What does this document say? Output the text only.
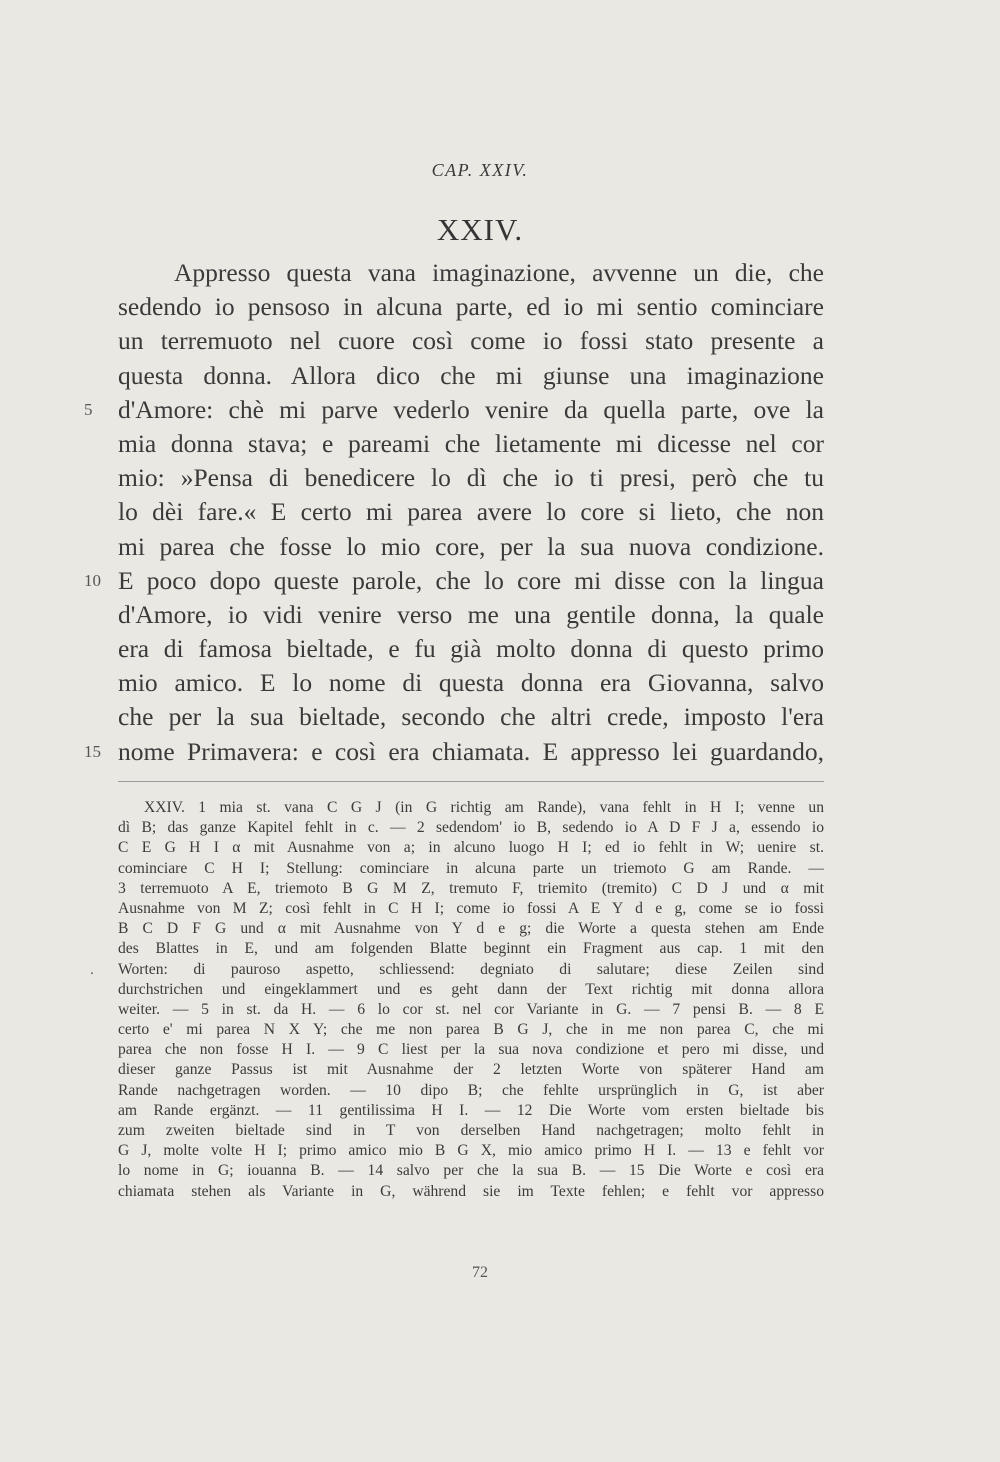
CAP. XXIV.
XXIV.
Appresso questa vana imaginazione, avvenne un die, che
sedendo io pensoso in alcuna parte, ed io mi sentio cominciare
un terremuoto nel cuore così come io fossi stato presente a
questa donna. Allora dico che mi giunse una imaginazione
5 d'Amore: chè mi parve vederlo venire da quella parte, ove la
mia donna stava; e pareami che lietamente mi dicesse nel cor
mio: »Pensa di benedicere lo dì che io ti presi, però che tu
lo dèi fare.« E certo mi parea avere lo core si lieto, che non
mi parea che fosse lo mio core, per la sua nuova condizione.
10 E poco dopo queste parole, che lo core mi disse con la lingua
d'Amore, io vidi venire verso me una gentile donna, la quale
era di famosa bieltade, e fu già molto donna di questo primo
mio amico. E lo nome di questa donna era Giovanna, salvo
che per la sua bieltade, secondo che altri crede, imposto l'era
15 nome Primavera: e così era chiamata. E appresso lei guardando,
XXIV. 1 mia st. vana C G J (in G richtig am Rande), vana fehlt in H I; venne un
dì B; das ganze Kapitel fehlt in c. — 2 sedendom' io B, sedendo io A D F J a, essendo io
C E G H I α mit Ausnahme von a; in alcuno luogo H I; ed io fehlt in W; uenire st.
cominciare C H I; Stellung: cominciare in alcuna parte un triemoto G am Rande. —
3 terremuoto A E, triemoto B G M Z, tremuto F, triemito (tremito) C D J und α mit
Ausnahme von M Z; così fehlt in C H I; come io fossi A E Y d e g, come se io fossi
B C D F G und α mit Ausnahme von Y d e g; die Worte a questa stehen am Ende
des Blattes in E, und am folgenden Blatte beginnt ein Fragment aus cap. 1 mit den
. Worten: di pauroso aspetto, schliessend: degniato di salutare; diese Zeilen sind
durchstrichen und eingeklammert und es geht dann der Text richtig mit donna allora
weiter. — 5 in st. da H. — 6 lo cor st. nel cor Variante in G. — 7 pensi B. — 8 E
certo e' mi parea N X Y; che me non parea B G J, che in me non parea C, che mi
parea che non fosse H I. — 9 C liest per la sua nova condizione et pero mi disse, und
dieser ganze Passus ist mit Ausnahme der 2 letzten Worte von späterer Hand am
Rande nachgetragen worden. — 10 dipo B; che fehlte ursprünglich in G, ist aber
am Rande ergänzt. — 11 gentilissima H I. — 12 Die Worte vom ersten bieltade bis
zum zweiten bieltade sind in T von derselben Hand nachgetragen; molto fehlt in
G J, molte volte H I; primo amico mio B G X, mio amico primo H I. — 13 e fehlt vor
lo nome in G; iouanna B. — 14 salvo per che la sua B. — 15 Die Worte e così era
chiamata stehen als Variante in G, während sie im Texte fehlen; e fehlt vor appresso
72
